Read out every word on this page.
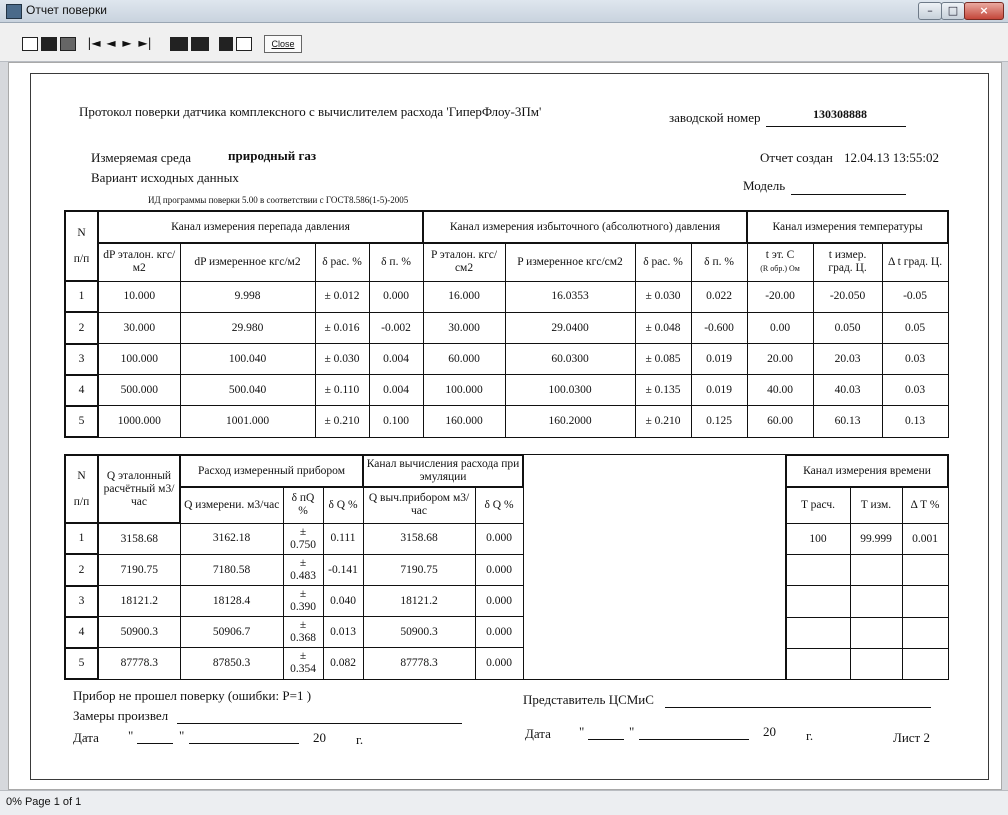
Отчет поверки	–	□	×
|◄ ◄ ► ►|	Close
Протокол поверки датчика комплексного с вычислителем расхода 'ГиперФлоу-3Пм'	заводской номер	130308888
Измеряемая среда	природный газ	Отчет создан 12.04.13 13:55:02
Вариант исходных данных
Модель
ИД программы поверки 5.00 в соответствии с ГОСТ8.586(1-5)-2005
N

п/п	Канал измерения перепада давления				Канал измерения избыточного (абсолютного) давления				Канал измерения температуры		
	dP эталон. кгс/м2	dP измеренное кгс/м2	δ рас. %	δ п. %	P эталон. кгс/см2	P измеренное кгс/см2	δ рас. %	δ п. %	t эт. C
(R обр.) Ом	t измер. град. Ц.	Δ t град. Ц.
1	10.000	9.998	± 0.012	0.000	16.000	16.0353	± 0.030	0.022	-20.00	-20.050	-0.05
2	30.000	29.980	± 0.016	-0.002	30.000	29.0400	± 0.048	-0.600	0.00	0.050	0.05
3	100.000	100.040	± 0.030	0.004	60.000	60.0300	± 0.085	0.019	20.00	20.03	0.03
4	500.000	500.040	± 0.110	0.004	100.000	100.0300	± 0.135	0.019	40.00	40.03	0.03
5	1000.000	1001.000	± 0.210	0.100	160.000	160.2000	± 0.210	0.125	60.00	60.13	0.13
N

п/п	Q эталонный расчётный м3/час	Расход измеренный прибором			Канал вычисления расхода при эмуляции	
		Q измерени. м3/час	δ пQ %	δ Q %	Q выч.прибором м3/час	δ Q %
1	3158.68	3162.18	± 0.750	0.111	3158.68	0.000
2	7190.75	7180.58	± 0.483	-0.141	7190.75	0.000
3	18121.2	18128.4	± 0.390	0.040	18121.2	0.000
4	50900.3	50906.7	± 0.368	0.013	50900.3	0.000
5	87778.3	87850.3	± 0.354	0.082	87778.3	0.000
Канал измерения времени		
T расч.	T изм.	Δ T %
100	99.999	0.001

Прибор не прошел поверку (ошибки: P=1 )
Замеры произвел
Представитель ЦСМиС
Дата "	"	20 г.	Дата "	"	20 г.	Лист 2
0% Page 1 of 1
